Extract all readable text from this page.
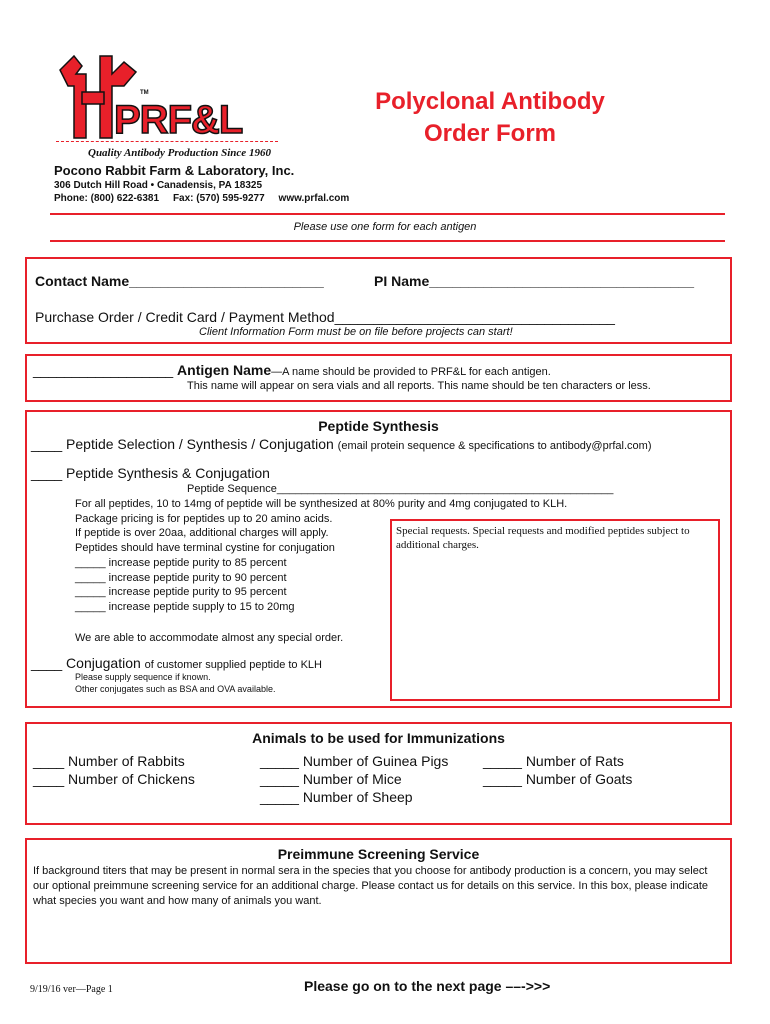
PRF&L
TM
Quality Antibody Production Since 1960
Pocono Rabbit Farm & Laboratory, Inc.
306 Dutch Hill Road • Canadensis, PA 18325
Phone: (800) 622-6381     Fax: (570) 595-9277     www.prfal.com
Polyclonal Antibody
Order Form
Please use one form for each antigen
Contact Name_________________________	PI Name__________________________________
Purchase Order / Credit Card / Payment Method____________________________________
Client Information Form must be on file before projects can start!
__________________ Antigen Name—A name should be provided to PRF&L for each antigen.
This name will appear on sera vials and all reports. This name should be ten characters or less.
Peptide Synthesis
____ Peptide Selection / Synthesis / Conjugation (email protein sequence & specifications to antibody@prfal.com)
____ Peptide Synthesis & Conjugation
Peptide Sequence_______________________________________________________
For all peptides, 10 to 14mg of peptide will be synthesized at 80% purity and 4mg conjugated to KLH.
Package pricing is for peptides up to 20 amino acids.
If peptide is over 20aa, additional charges will apply.
Peptides should have terminal cystine for conjugation
_____ increase peptide purity to 85 percent
_____ increase peptide purity to 90 percent
_____ increase peptide purity to 95 percent
_____ increase peptide supply to 15 to 20mg
We are able to accommodate almost any special order.
Special requests. Special requests and modified peptides subject to additional charges.
____ Conjugation of customer supplied peptide to KLH
Please supply sequence if known.
Other conjugates such as BSA and OVA available.
Animals to be used for Immunizations
____ Number of Rabbits
____ Number of Chickens
_____ Number of Guinea Pigs
_____ Number of Mice
_____ Number of Sheep
_____ Number of Rats
_____ Number of Goats
Preimmune Screening Service
If background titers that may be present in normal sera in the species that you choose for antibody production is a concern, you may select our optional preimmune screening service for an additional charge. Please contact us for details on this service. In this box, please indicate what species you want and how many of animals you want.
9/19/16 ver—Page 1	Please go on to the next page ––->>>
